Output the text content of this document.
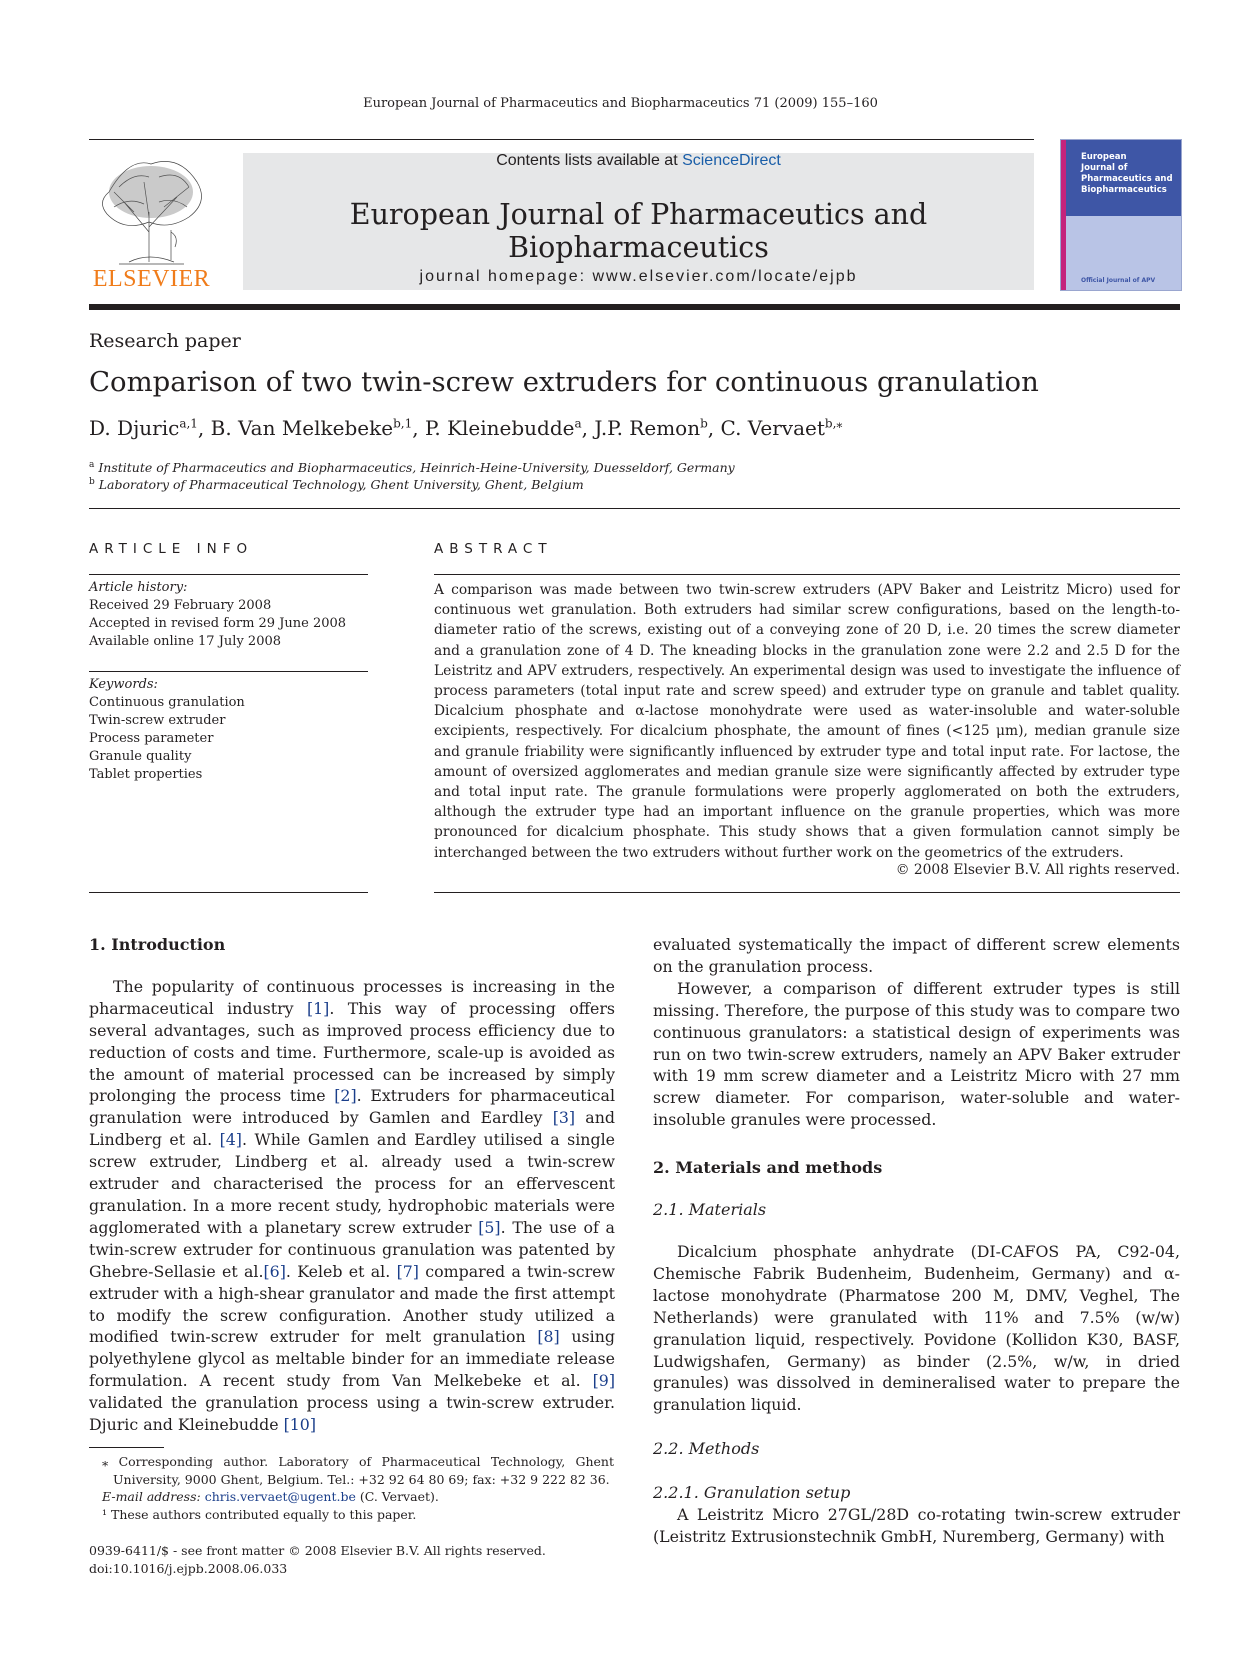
European Journal of Pharmaceutics and Biopharmaceutics 71 (2009) 155–160
ELSEVIER
Contents lists available at ScienceDirect
European Journal of Pharmaceutics and Biopharmaceutics
journal homepage: www.elsevier.com/locate/ejpb
European
Journal of
Pharmaceutics and
Biopharmaceutics
Official Journal of APV
Research paper
Comparison of two twin-screw extruders for continuous granulation
D. Djuric$^{a,1}$, B. Van Melkebeke$^{b,1}$, P. Kleinebudde$^a$, J.P. Remon$^b$, C. Vervaet$^{b,⁎}$
$^a$ Institute of Pharmaceutics and Biopharmaceutics, Heinrich-Heine-University, Duesseldorf, Germany
$^b$ Laboratory of Pharmaceutical Technology, Ghent University, Ghent, Belgium
ARTICLE INFO
Article history:
Received 29 February 2008
Accepted in revised form 29 June 2008
Available online 17 July 2008
Keywords:
Continuous granulation
Twin-screw extruder
Process parameter
Granule quality
Tablet properties
ABSTRACT
A comparison was made between two twin-screw extruders (APV Baker and Leistritz Micro) used for continuous wet granulation. Both extruders had similar screw configurations, based on the length-to-diameter ratio of the screws, existing out of a conveying zone of 20 D, i.e. 20 times the screw diameter and a granulation zone of 4 D. The kneading blocks in the granulation zone were 2.2 and 2.5 D for the Leistritz and APV extruders, respectively. An experimental design was used to investigate the influence of process parameters (total input rate and screw speed) and extruder type on granule and tablet quality. Dicalcium phosphate and α-lactose monohydrate were used as water-insoluble and water-soluble excipients, respectively. For dicalcium phosphate, the amount of fines (<125 μm), median granule size and granule friability were significantly influenced by extruder type and total input rate. For lactose, the amount of oversized agglomerates and median granule size were significantly affected by extruder type and total input rate. The granule formulations were properly agglomerated on both the extruders, although the extruder type had an important influence on the granule properties, which was more pronounced for dicalcium phosphate. This study shows that a given formulation cannot simply be interchanged between the two extruders without further work on the geometrics of the extruders.
© 2008 Elsevier B.V. All rights reserved.

1. Introduction

The popularity of continuous processes is increasing in the pharmaceutical industry [1]. This way of processing offers several advantages, such as improved process efficiency due to reduction of costs and time. Furthermore, scale-up is avoided as the amount of material processed can be increased by simply prolonging the process time [2]. Extruders for pharmaceutical granulation were introduced by Gamlen and Eardley [3] and Lindberg et al. [4]. While Gamlen and Eardley utilised a single screw extruder, Lindberg et al. already used a twin-screw extruder and characterised the process for an effervescent granulation. In a more recent study, hydrophobic materials were agglomerated with a planetary screw extruder [5]. The use of a twin-screw extruder for continuous granulation was patented by Ghebre-Sellasie et al.[6]. Keleb et al. [7] compared a twin-screw extruder with a high-shear granulator and made the first attempt to modify the screw configuration. Another study utilized a modified twin-screw extruder for melt granulation [8] using polyethylene glycol as meltable binder for an immediate release formulation. A recent study from Van Melkebeke et al. [9] validated the granulation process using a twin-screw extruder. Djuric and Kleinebudde [10]

evaluated systematically the impact of different screw elements on the granulation process.

However, a comparison of different extruder types is still missing. Therefore, the purpose of this study was to compare two continuous granulators: a statistical design of experiments was run on two twin-screw extruders, namely an APV Baker extruder with 19 mm screw diameter and a Leistritz Micro with 27 mm screw diameter. For comparison, water-soluble and water-insoluble granules were processed.

2. Materials and methods

2.1. Materials

Dicalcium phosphate anhydrate (DI-CAFOS PA, C92-04, Chemische Fabrik Budenheim, Budenheim, Germany) and α-lactose monohydrate (Pharmatose 200 M, DMV, Veghel, The Netherlands) were granulated with 11% and 7.5% (w/w) granulation liquid, respectively. Povidone (Kollidon K30, BASF, Ludwigshafen, Germany) as binder (2.5%, w/w, in dried granules) was dissolved in demineralised water to prepare the granulation liquid.

2.2. Methods

2.2.1. Granulation setup

A Leistritz Micro 27GL/28D co-rotating twin-screw extruder (Leistritz Extrusionstechnik GmbH, Nuremberg, Germany) with

⁎ Corresponding author. Laboratory of Pharmaceutical Technology, Ghent University, 9000 Ghent, Belgium. Tel.: +32 92 64 80 69; fax: +32 9 222 82 36.
E-mail address: chris.vervaet@ugent.be (C. Vervaet).
¹ These authors contributed equally to this paper.
0939-6411/$ - see front matter © 2008 Elsevier B.V. All rights reserved.
doi:10.1016/j.ejpb.2008.06.033
